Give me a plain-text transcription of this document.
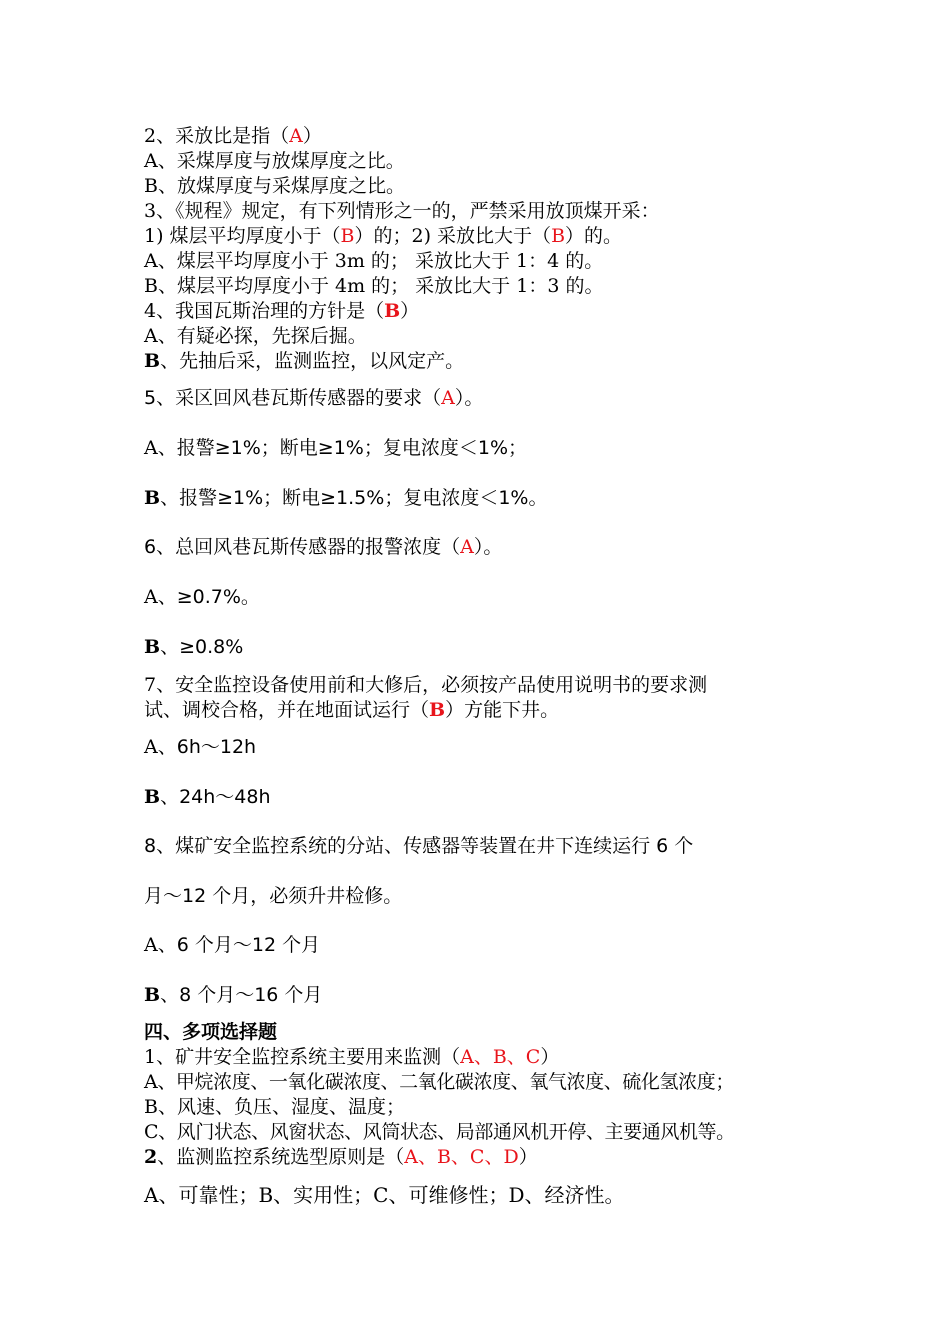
2、采放比是指（A）
A、采煤厚度与放煤厚度之比。
B、放煤厚度与采煤厚度之比。
3、《规程》规定，有下列情形之一的，严禁采用放顶煤开采：
1) 煤层平均厚度小于（B）的；2) 采放比大于（B）的。
A、煤层平均厚度小于 3m 的； 采放比大于 1：4 的。
B、煤层平均厚度小于 4m 的； 采放比大于 1：3 的。
4、我国瓦斯治理的方针是（B）
A、有疑必探，先探后掘。
B、先抽后采，监测监控，以风定产。
5、采区回风巷瓦斯传感器的要求（A）。
A、报警≥1%；断电≥1%；复电浓度＜1%；
B、报警≥1%；断电≥1.5%；复电浓度＜1%。
6、总回风巷瓦斯传感器的报警浓度（A）。
A、≥0.7%。
B、≥0.8%
7、安全监控设备使用前和大修后，必须按产品使用说明书的要求测
试、调校合格，并在地面试运行（B）方能下井。
A、6h～12h
B、24h～48h
8、煤矿安全监控系统的分站、传感器等装置在井下连续运行 6 个
月～12 个月，必须升井检修。
A、6 个月～12 个月
B、8 个月～16 个月
四、多项选择题
1、矿井安全监控系统主要用来监测（A、B、C）
A、甲烷浓度、一氧化碳浓度、二氧化碳浓度、氧气浓度、硫化氢浓度；
B、风速、负压、湿度、温度；
C、风门状态、风窗状态、风筒状态、局部通风机开停、主要通风机等。
2、监测监控系统选型原则是（A、B、C、D）
A、可靠性；B、实用性；C、可维修性；D、经济性。
